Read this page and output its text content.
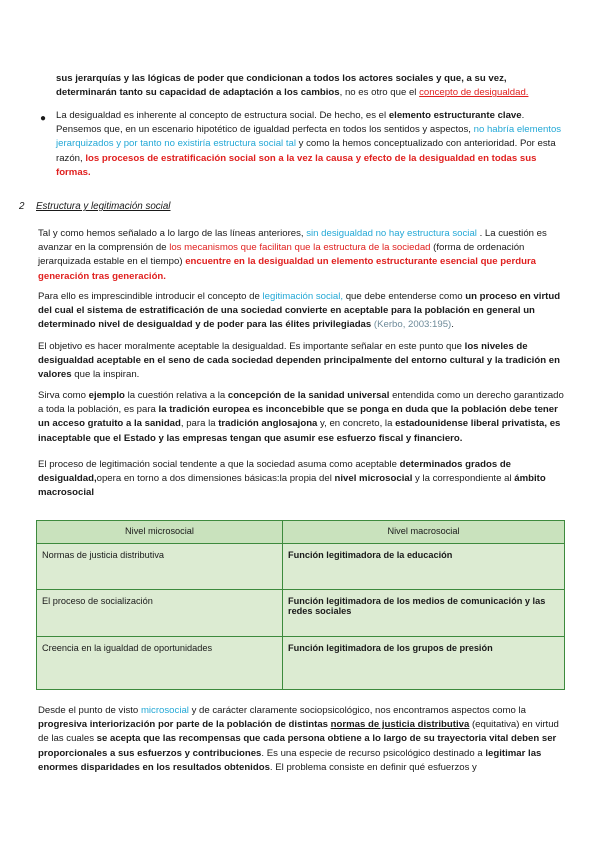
sus jerarquías y las lógicas de poder que condicionan a todos los actores sociales y que, a su vez, determinarán tanto su capacidad de adaptación a los cambios, no es otro que el concepto de desigualdad.

● La desigualdad es inherente al concepto de estructura social. De hecho, es el elemento estructurante clave. Pensemos que, en un escenario hipotético de igualdad perfecta en todos los sentidos y aspectos, no habría elementos jerarquizados y por tanto no existiría estructura social tal y como la hemos conceptualizado con anterioridad. Por esta razón, los procesos de estratificación social son a la vez la causa y efecto de la desigualdad en todas sus formas.

2 Estructura y legitimación social

Tal y como hemos señalado a lo largo de las líneas anteriores, sin desigualdad no hay estructura social . La cuestión es avanzar en la comprensión de los mecanismos que facilitan que la estructura de la sociedad (forma de ordenación jerarquizada estable en el tiempo) encuentre en la desigualdad un elemento estructurante esencial que perdura generación tras generación.

Para ello es imprescindible introducir el concepto de legitimación social, que debe entenderse como un proceso en virtud del cual el sistema de estratificación de una sociedad convierte en aceptable para la población en general un determinado nivel de desigualdad y de poder para las élites privilegiadas (Kerbo, 2003:195).

El objetivo es hacer moralmente aceptable la desigualdad. Es importante señalar en este punto que los niveles de desigualdad aceptable en el seno de cada sociedad dependen principalmente del entorno cultural y la tradición en valores que la inspiran.

Sirva como ejemplo la cuestión relativa a la concepción de la sanidad universal entendida como un derecho garantizado a toda la población, es para la tradición europea es inconcebible que se ponga en duda que la población debe tener un acceso gratuito a la sanidad, para la tradición anglosajona y, en concreto, la estadounidense liberal privatista, es inaceptable que el Estado y las empresas tengan que asumir ese esfuerzo fiscal y financiero.

El proceso de legitimación social tendente a que la sociedad asuma como aceptable determinados grados de desigualdad,opera en torno a dos dimensiones básicas:la propia del nivel microsocial y la correspondiente al ámbito macrosocial

Nivel microsocial	Nivel macrosocial
Normas de justicia distributiva	Función legitimadora de la educación
El proceso de socialización	Función legitimadora de los medios de comunicación y las redes sociales
Creencia en la igualdad de oportunidades	Función legitimadora de los grupos de presión

Desde el punto de visto microsocial y de carácter claramente sociopsicológico, nos encontramos aspectos como la progresiva interiorización por parte de la población de distintas normas de justicia distributiva (equitativa) en virtud de las cuales se acepta que las recompensas que cada persona obtiene a lo largo de su trayectoria vital deben ser proporcionales a sus esfuerzos y contribuciones. Es una especie de recurso psicológico destinado a legitimar las enormes disparidades en los resultados obtenidos. El problema consiste en definir qué esfuerzos y
